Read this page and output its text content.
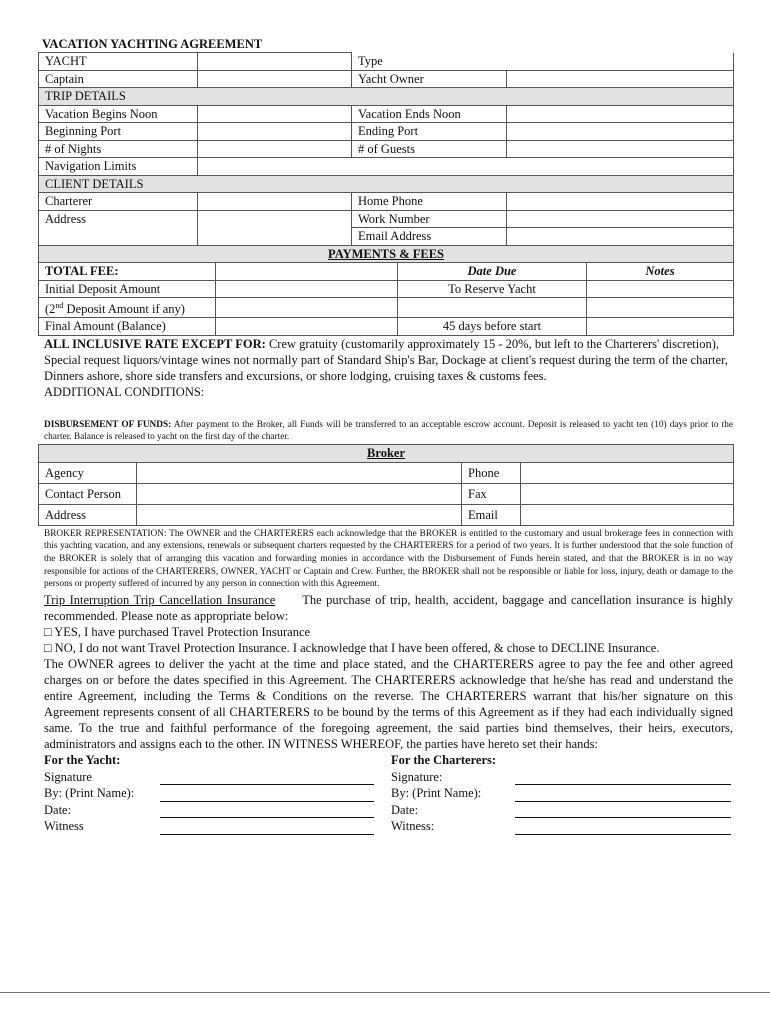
VACATION YACHTING AGREEMENT
YACHT		Type	
Captain		Yacht Owner	
TRIP DETAILS			
Vacation Begins Noon		Vacation Ends Noon	
Beginning Port		Ending Port	
# of Nights		# of Guests	
Navigation Limits			
CLIENT DETAILS			
Charterer		Home Phone	
Address		Work Number	
		Email Address	
PAYMENTS & FEES			
TOTAL FEE:		Date Due	Notes
Initial Deposit Amount		To Reserve Yacht	
(2nd Deposit Amount if any)			
Final Amount (Balance)		45 days before start	

ALL INCLUSIVE RATE EXCEPT FOR: Crew gratuity (customarily approximately 15 - 20%, but left to the Charterers' discretion), Special request liquors/vintage wines not normally part of Standard Ship's Bar, Dockage at client's request during the term of the charter, Dinners ashore, shore side transfers and excursions, or shore lodging, cruising taxes & customs fees.

ADDITIONAL CONDITIONS:

DISBURSEMENT OF FUNDS: After payment to the Broker, all Funds will be transferred to an acceptable escrow account. Deposit is released to yacht ten (10) days prior to the charter. Balance is released to yacht on the first day of the charter.

Broker			
Agency		Phone	
Contact Person		Fax	
Address		Email	

BROKER REPRESENTATION: The OWNER and the CHARTERERS each acknowledge that the BROKER is entitled to the customary and usual brokerage fees in connection with this yachting vacation, and any extensions, renewals or subsequent charters requested by the CHARTERERS for a period of two years. It is further understood that the sole function of the BROKER is solely that of arranging this vacation and forwarding monies in accordance with the Disbursement of Funds herein stated, and that the BROKER is in no way responsible for actions of the CHARTERERS, OWNER, YACHT or Captain and Crew. Further, the BROKER shall not be responsible or liable for loss, injury, death or damage to the persons or property suffered of incurred by any person in connection with this Agreement.

Trip Interruption Trip Cancellation Insurance The purchase of trip, health, accident, baggage and cancellation insurance is highly recommended. Please note as appropriate below:

□ YES, I have purchased Travel Protection Insurance

□ NO, I do not want Travel Protection Insurance. I acknowledge that I have been offered, & chose to DECLINE Insurance.

The OWNER agrees to deliver the yacht at the time and place stated, and the CHARTERERS agree to pay the fee and other agreed charges on or before the dates specified in this Agreement. The CHARTERERS acknowledge that he/she has read and understand the entire Agreement, including the Terms & Conditions on the reverse. The CHARTERERS warrant that his/her signature on this Agreement represents consent of all CHARTERERS to be bound by the terms of this Agreement as if they had each individually signed same. To the true and faithful performance of the foregoing agreement, the said parties bind themselves, their heirs, executors, administrators and assigns each to the other. IN WITNESS WHEREOF, the parties have hereto set their hands:

For the Yacht:
Signature
By: (Print Name):
Date:
Witness
For the Charterers:
Signature:
By: (Print Name):
Date:
Witness:
